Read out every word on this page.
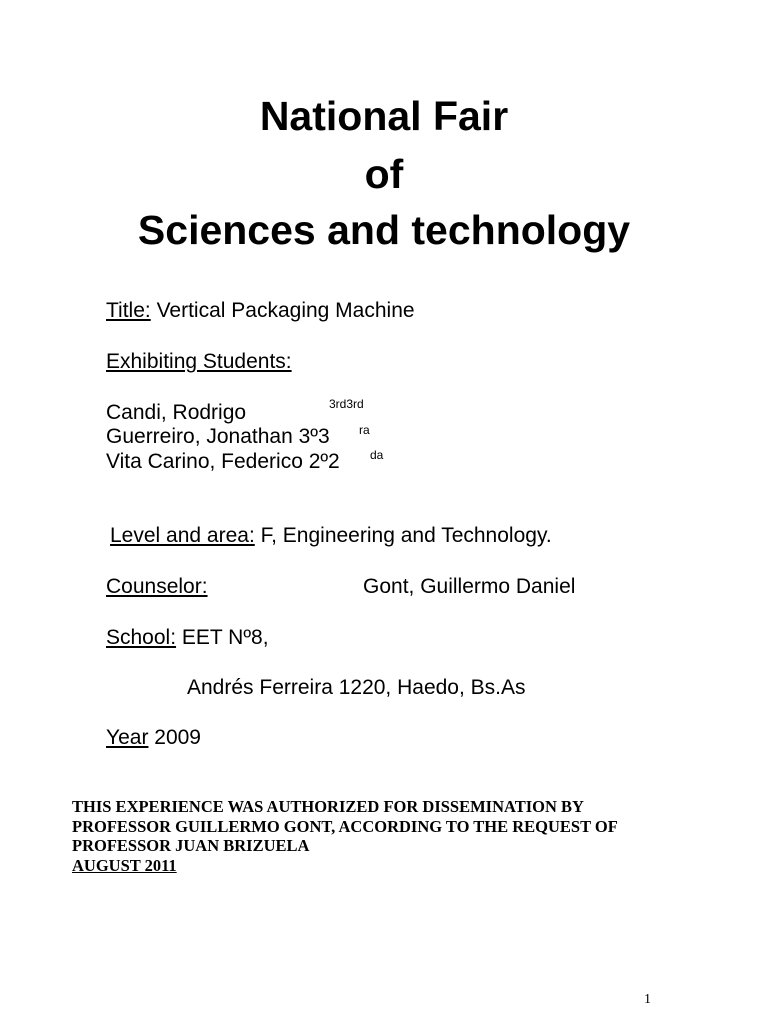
National Fair
of
Sciences and technology
Title: Vertical Packaging Machine
Exhibiting Students:
Candi, Rodrigo	3rd3rd
Guerreiro, Jonathan 3º3 ra
Vita Carino, Federico 2º2	da
Level and area: F, Engineering and Technology.
Counselor:	Gont, Guillermo Daniel
School: EET Nº8,
Andrés Ferreira 1220, Haedo, Bs.As
Year 2009
THIS EXPERIENCE WAS AUTHORIZED FOR DISSEMINATION BY
PROFESSOR GUILLERMO GONT, ACCORDING TO THE REQUEST OF
PROFESSOR JUAN BRIZUELA
AUGUST 2011
1
